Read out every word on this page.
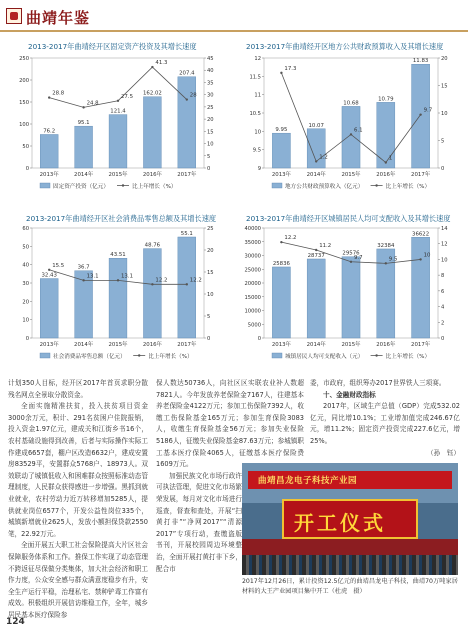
曲靖年鉴
2013-2017年曲靖经开区固定资产投资及其增长速度	2013-2017年曲靖经开区地方公共财政预算收入及其增长速度
2013-2017年曲靖经开区社会消费品零售总额及其增长速度	2013-2017年曲靖经开区城镇居民人均可支配收入及其增长速度
0
50
100
150
200
250
0
5
10
15
20
25
30
35
40
45
76.2
2013年
95.1
2014年
121.4
2015年
162.02
2016年
207.4
2017年
28.8
24.8
27.5
41.3
28
固定资产投资（亿元）	比上年增长（%）
9
9.5
10
10.5
11
11.5
12
0
5
10
15
20
9.95
2013年
10.07
2014年
10.68
2015年
10.79
2016年
11.83
2017年
17.3
1.2
6.1
1
9.7
地方公共财政预算收入（亿元）	比上年增长（%）
0
10
20
30
40
50
60
0
5
10
15
20
25
32.43
2013年
36.7
2014年
43.51
2015年
48.76
2016年
55.1
2017年
15.5
13.1	13.1
12.2	12.2
社会消费品零售总额（亿元）	比上年增长（%）
0
5000
10000
15000
20000
25000
30000
35000
40000
0
2
4
6
8
10
12
14
25836
2013年
28737
2014年
29576
2015年
32384
2016年
36622
2017年
12.2
11.2
9.7	9.5
10
城镇居民人均可支配收入（元）	比上年增长（%）

计划350人目标，经开区2017年首页求职分散残名网点全景取分散资金。

全面实施精准扶贫，投入扶贫项目资金3000余万元，积计、291名贫困户住院报销，投入资金1.97亿元，建成关和江街乡书16个，农村基础设施得到改善，后者与实际操作实际工作建成6657套，棚户区改造6632户，建成安置房83529平，安置群众5768户、18973人。双效联动了城镇低收入和困难群众按照标准动态管理制度，人民群众获得感进一步增强。黑抓到就业就业，农村劳动力近万转移增加5285人，提供就业岗位6577个，开发公益性岗位335个，城镇新增就业2625人，发放小额担保贷款2550笔，22.92万元。

全面开展五大职工社会保险提高大片区社会保障服务体系和工作。推保工作实现了动态管理不跨返征尽保做分类集体，加大社会经济和职工作力度，公众安全感与群众满意度稳步有升，安全生产运行平稳，治理私宅、禁种铲毒工作富有成效。积极组织开展信访维稳工作，全年，城乡居民基本医疗保险参

保人数达50736人，向社区区实联农业补人数超7821人。今年发放养老保险金7167人，往建基本养老保险金4122万元；参加工伤保险7392人，收缴工伤保险基金165万元；参加生育保险3083人，收缴生育保险基金56万元；参加失业保险5186人，征缴失业保险基金87.63万元；参城镇职工基本医疗保险4065人，征缴基本医疗保险费1609万元。

加强民族文化市场行政许可执法管理，促进文化市场繁荣发展，每月对文化市场进行巡查，督查和查处，开展“扫黄打非”“净网2017”“清源2017”专项行动，查缴盗版书刊，开展校园周边环境整治，全面开展打黄打非下乡，配合市

委，市政府，组织筹办2017世界铁人三项赛。

十、金融财政指标

2017年，区域生产总值（GDP）完成532.02亿元，同比增10.1%；工业增加值完成246.67亿元，增11.2%；固定资产投资完成227.6亿元，增25%。

（孙　钰）

曲靖昌龙电子科技产业园
开工仪式
2017年12月26日，累计投资12.5亿元的曲靖昌龙电子科技，曲靖70万吨家居材料的大王产业园项目集中开工（杜虎　摄）
124
